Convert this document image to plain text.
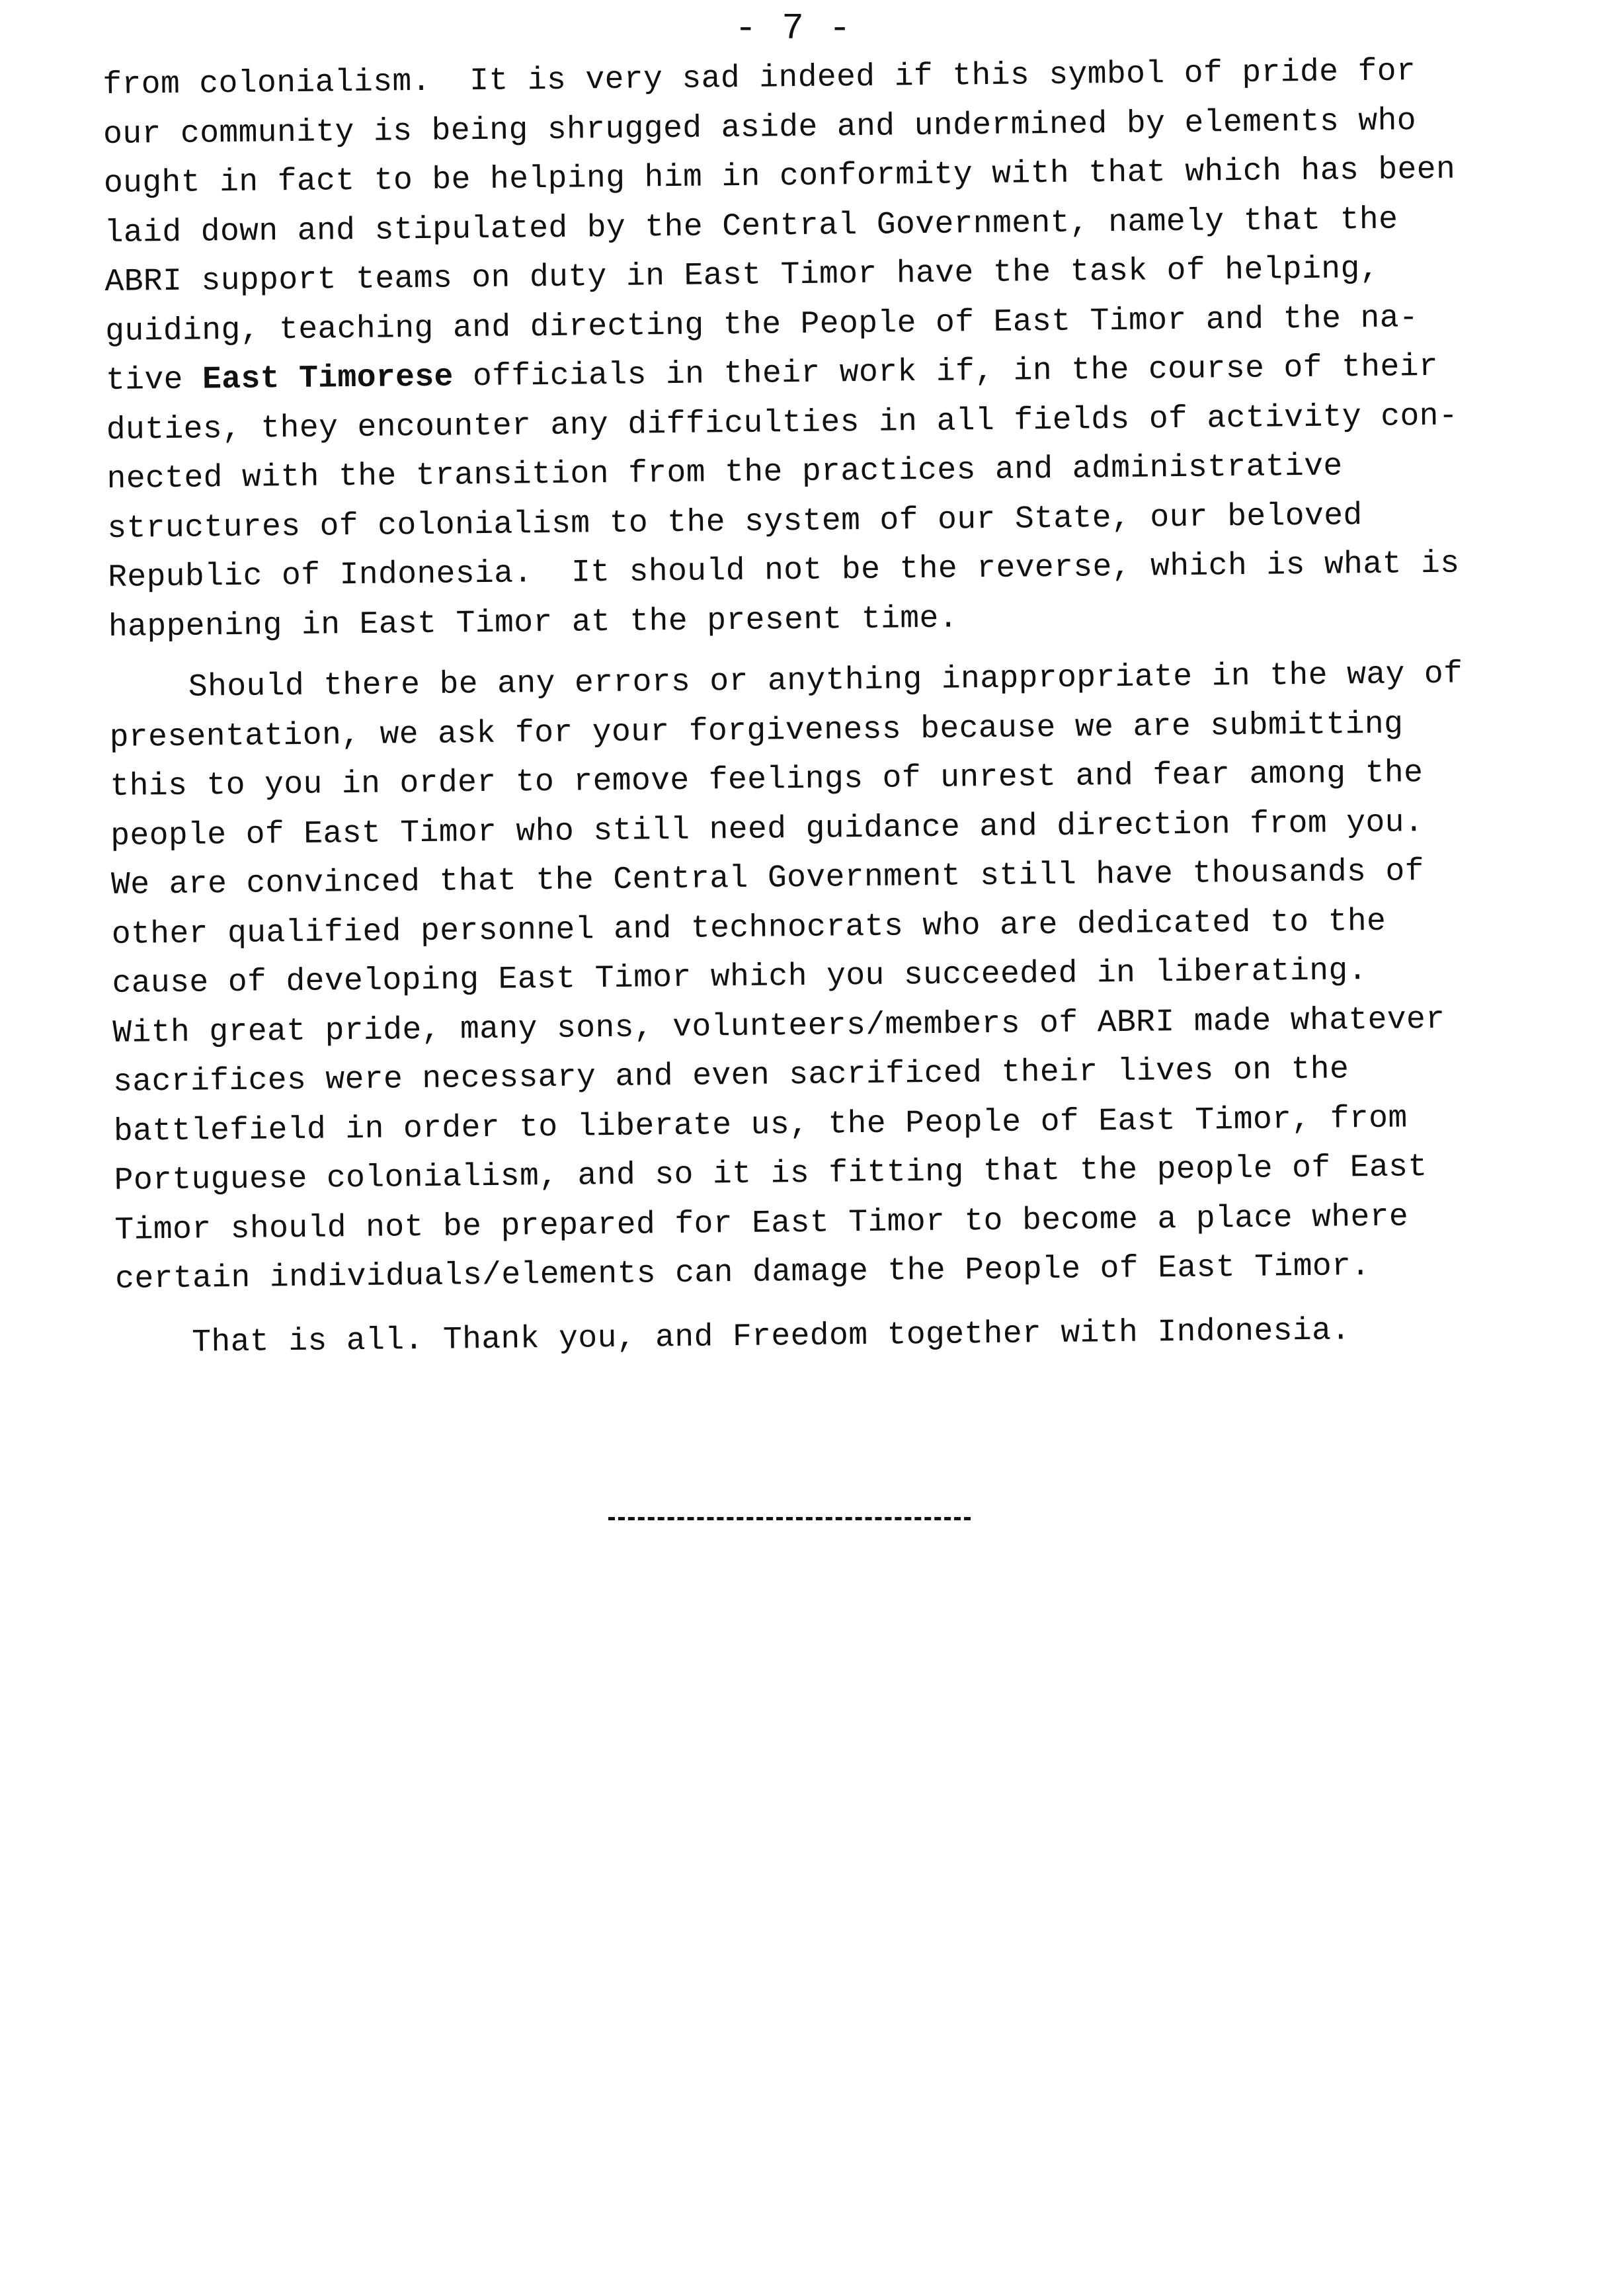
- 7 -
from colonialism.  It is very sad indeed if this symbol of pride for
our community is being shrugged aside and undermined by elements who
ought in fact to be helping him in conformity with that which has been
laid down and stipulated by the Central Government, namely that the
ABRI support teams on duty in East Timor have the task of helping,
guiding, teaching and directing the People of East Timor and the na-
tive East Timorese officials in their work if, in the course of their
duties, they encounter any difficulties in all fields of activity con-
nected with the transition from the practices and administrative
structures of colonialism to the system of our State, our beloved
Republic of Indonesia.  It should not be the reverse, which is what is
happening in East Timor at the present time.
Should there be any errors or anything inappropriate in the way of
presentation, we ask for your forgiveness because we are submitting
this to you in order to remove feelings of unrest and fear among the
people of East Timor who still need guidance and direction from you.
We are convinced that the Central Government still have thousands of
other qualified personnel and technocrats who are dedicated to the
cause of developing East Timor which you succeeded in liberating.
With great pride, many sons, volunteers/members of ABRI made whatever
sacrifices were necessary and even sacrificed their lives on the
battlefield in order to liberate us, the People of East Timor, from
Portuguese colonialism, and so it is fitting that the people of East
Timor should not be prepared for East Timor to become a place where
certain individuals/elements can damage the People of East Timor.
That is all. Thank you, and Freedom together with Indonesia.
